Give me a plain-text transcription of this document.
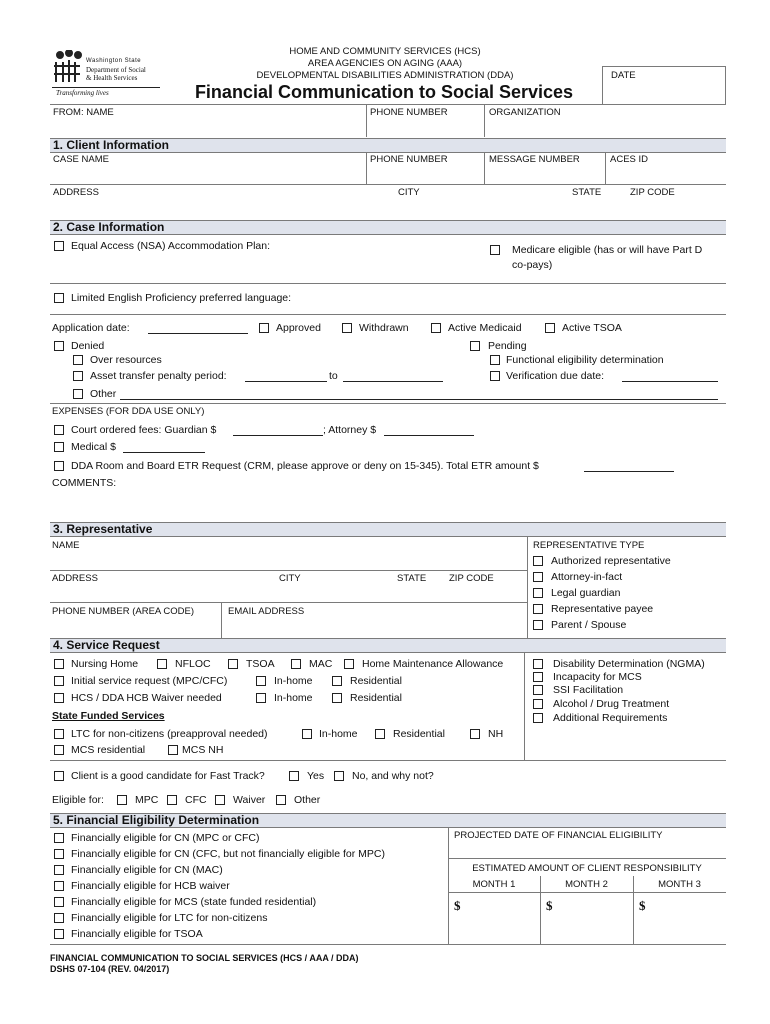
Washington State
Department of Social
& Health Services
Transforming lives
HOME AND COMMUNITY SERVICES (HCS)
AREA AGENCIES ON AGING (AAA)
DEVELOPMENTAL DISABILITIES ADMINISTRATION (DDA)
Financial Communication to Social Services
DATE
FROM: NAME	PHONE NUMBER	ORGANIZATION
1. Client Information
CASE NAME	PHONE NUMBER	MESSAGE NUMBER	ACES ID
ADDRESS	CITY	STATE	ZIP CODE
2. Case Information
Equal Access (NSA) Accommodation Plan:	Medicare eligible (has or will have Part D
co-pays)
Limited English Proficiency preferred language:
Application date:	Approved	Withdrawn	Active Medicaid	Active TSOA
Denied	Pending
Over resources	Functional eligibility determination
Asset transfer penalty period:	to	Verification due date:
Other
EXPENSES (FOR DDA USE ONLY)
Court ordered fees: Guardian $	; Attorney $
Medical $
DDA Room and Board ETR Request (CRM, please approve or deny on 15-345). Total ETR amount $
COMMENTS:
3. Representative
NAME
ADDRESS	CITY	STATE ZIP CODE
PHONE NUMBER (AREA CODE)	EMAIL ADDRESS
REPRESENTATIVE TYPE
Authorized representative
Attorney-in-fact
Legal guardian
Representative payee
Parent / Spouse
4. Service Request
Nursing Home	NFLOC	TSOA	MAC	Home Maintenance Allowance
Initial service request (MPC/CFC)	In-home	Residential
HCS / DDA HCB Waiver needed	In-home	Residential
State Funded Services
LTC for non-citizens (preapproval needed)	In-home	Residential	NH
MCS residential	MCS NH
Disability Determination (NGMA)
Incapacity for MCS
SSI Facilitation
Alcohol / Drug Treatment
Additional Requirements
Client is a good candidate for Fast Track?	Yes	No, and why not?
Eligible for:	MPC	CFC	Waiver	Other
5. Financial Eligibility Determination
Financially eligible for CN (MPC or CFC)
Financially eligible for CN (CFC, but not financially eligible for MPC)
Financially eligible for CN (MAC)
Financially eligible for HCB waiver
Financially eligible for MCS (state funded residential)
Financially eligible for LTC for non-citizens
Financially eligible for TSOA
PROJECTED DATE OF FINANCIAL ELIGIBILITY
ESTIMATED AMOUNT OF CLIENT RESPONSIBILITY
MONTH 1	MONTH 2	MONTH 3
$	$	$
FINANCIAL COMMUNICATION TO SOCIAL SERVICES (HCS / AAA / DDA)
DSHS 07-104 (REV. 04/2017)
